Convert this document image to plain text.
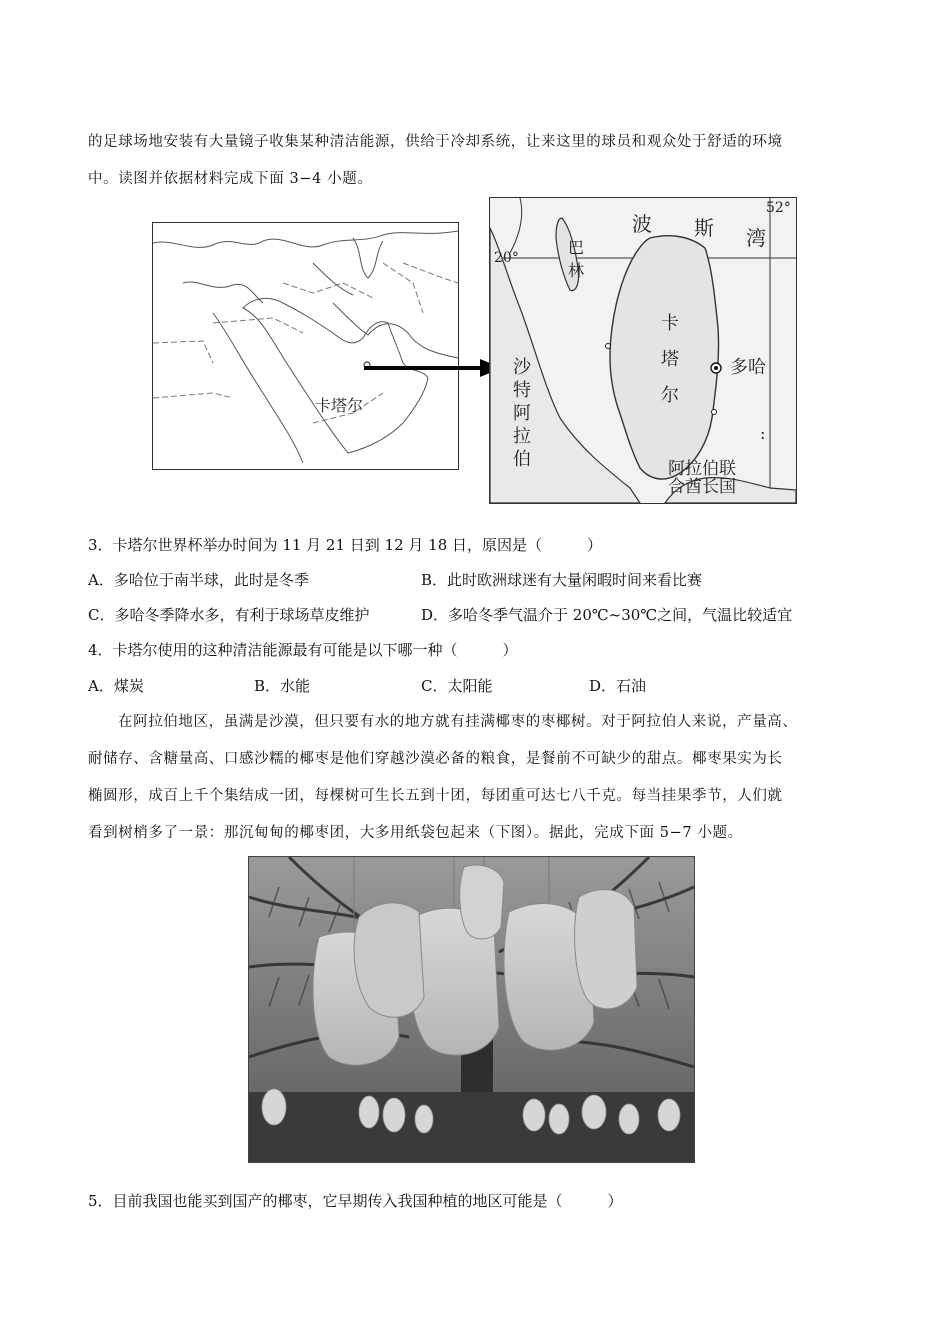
的足球场地安装有大量镜子收集某种清洁能源，供给于冷却系统，让来这里的球员和观众处于舒适的环境
中。读图并依据材料完成下面 3−4 小题。
卡塔尔
20°
52°
波 斯 湾
巴
林
卡
塔
尔
多哈
:
沙
特
阿
拉
伯	阿拉伯联
合酋长国
3．卡塔尔世界杯举办时间为 11 月 21 日到 12 月 18 日，原因是（　　　）
A．多哈位于南半球，此时是冬季	B．此时欧洲球迷有大量闲暇时间来看比赛
C．多哈冬季降水多，有利于球场草皮维护	D．多哈冬季气温介于 20℃~30℃之间，气温比较适宜
4．卡塔尔使用的这种清洁能源最有可能是以下哪一种（　　　）
A．煤炭	B．水能	C．太阳能	D．石油
在阿拉伯地区，虽满是沙漠，但只要有水的地方就有挂满椰枣的枣椰树。对于阿拉伯人来说，产量高、
耐储存、含糖量高、口感沙糯的椰枣是他们穿越沙漠必备的粮食，是餐前不可缺少的甜点。椰枣果实为长
椭圆形，成百上千个集结成一团，每棵树可生长五到十团，每团重可达七八千克。每当挂果季节，人们就
看到树梢多了一景：那沉甸甸的椰枣团，大多用纸袋包起来（下图）。据此，完成下面 5−7 小题。
5．目前我国也能买到国产的椰枣，它早期传入我国种植的地区可能是（　　　）
